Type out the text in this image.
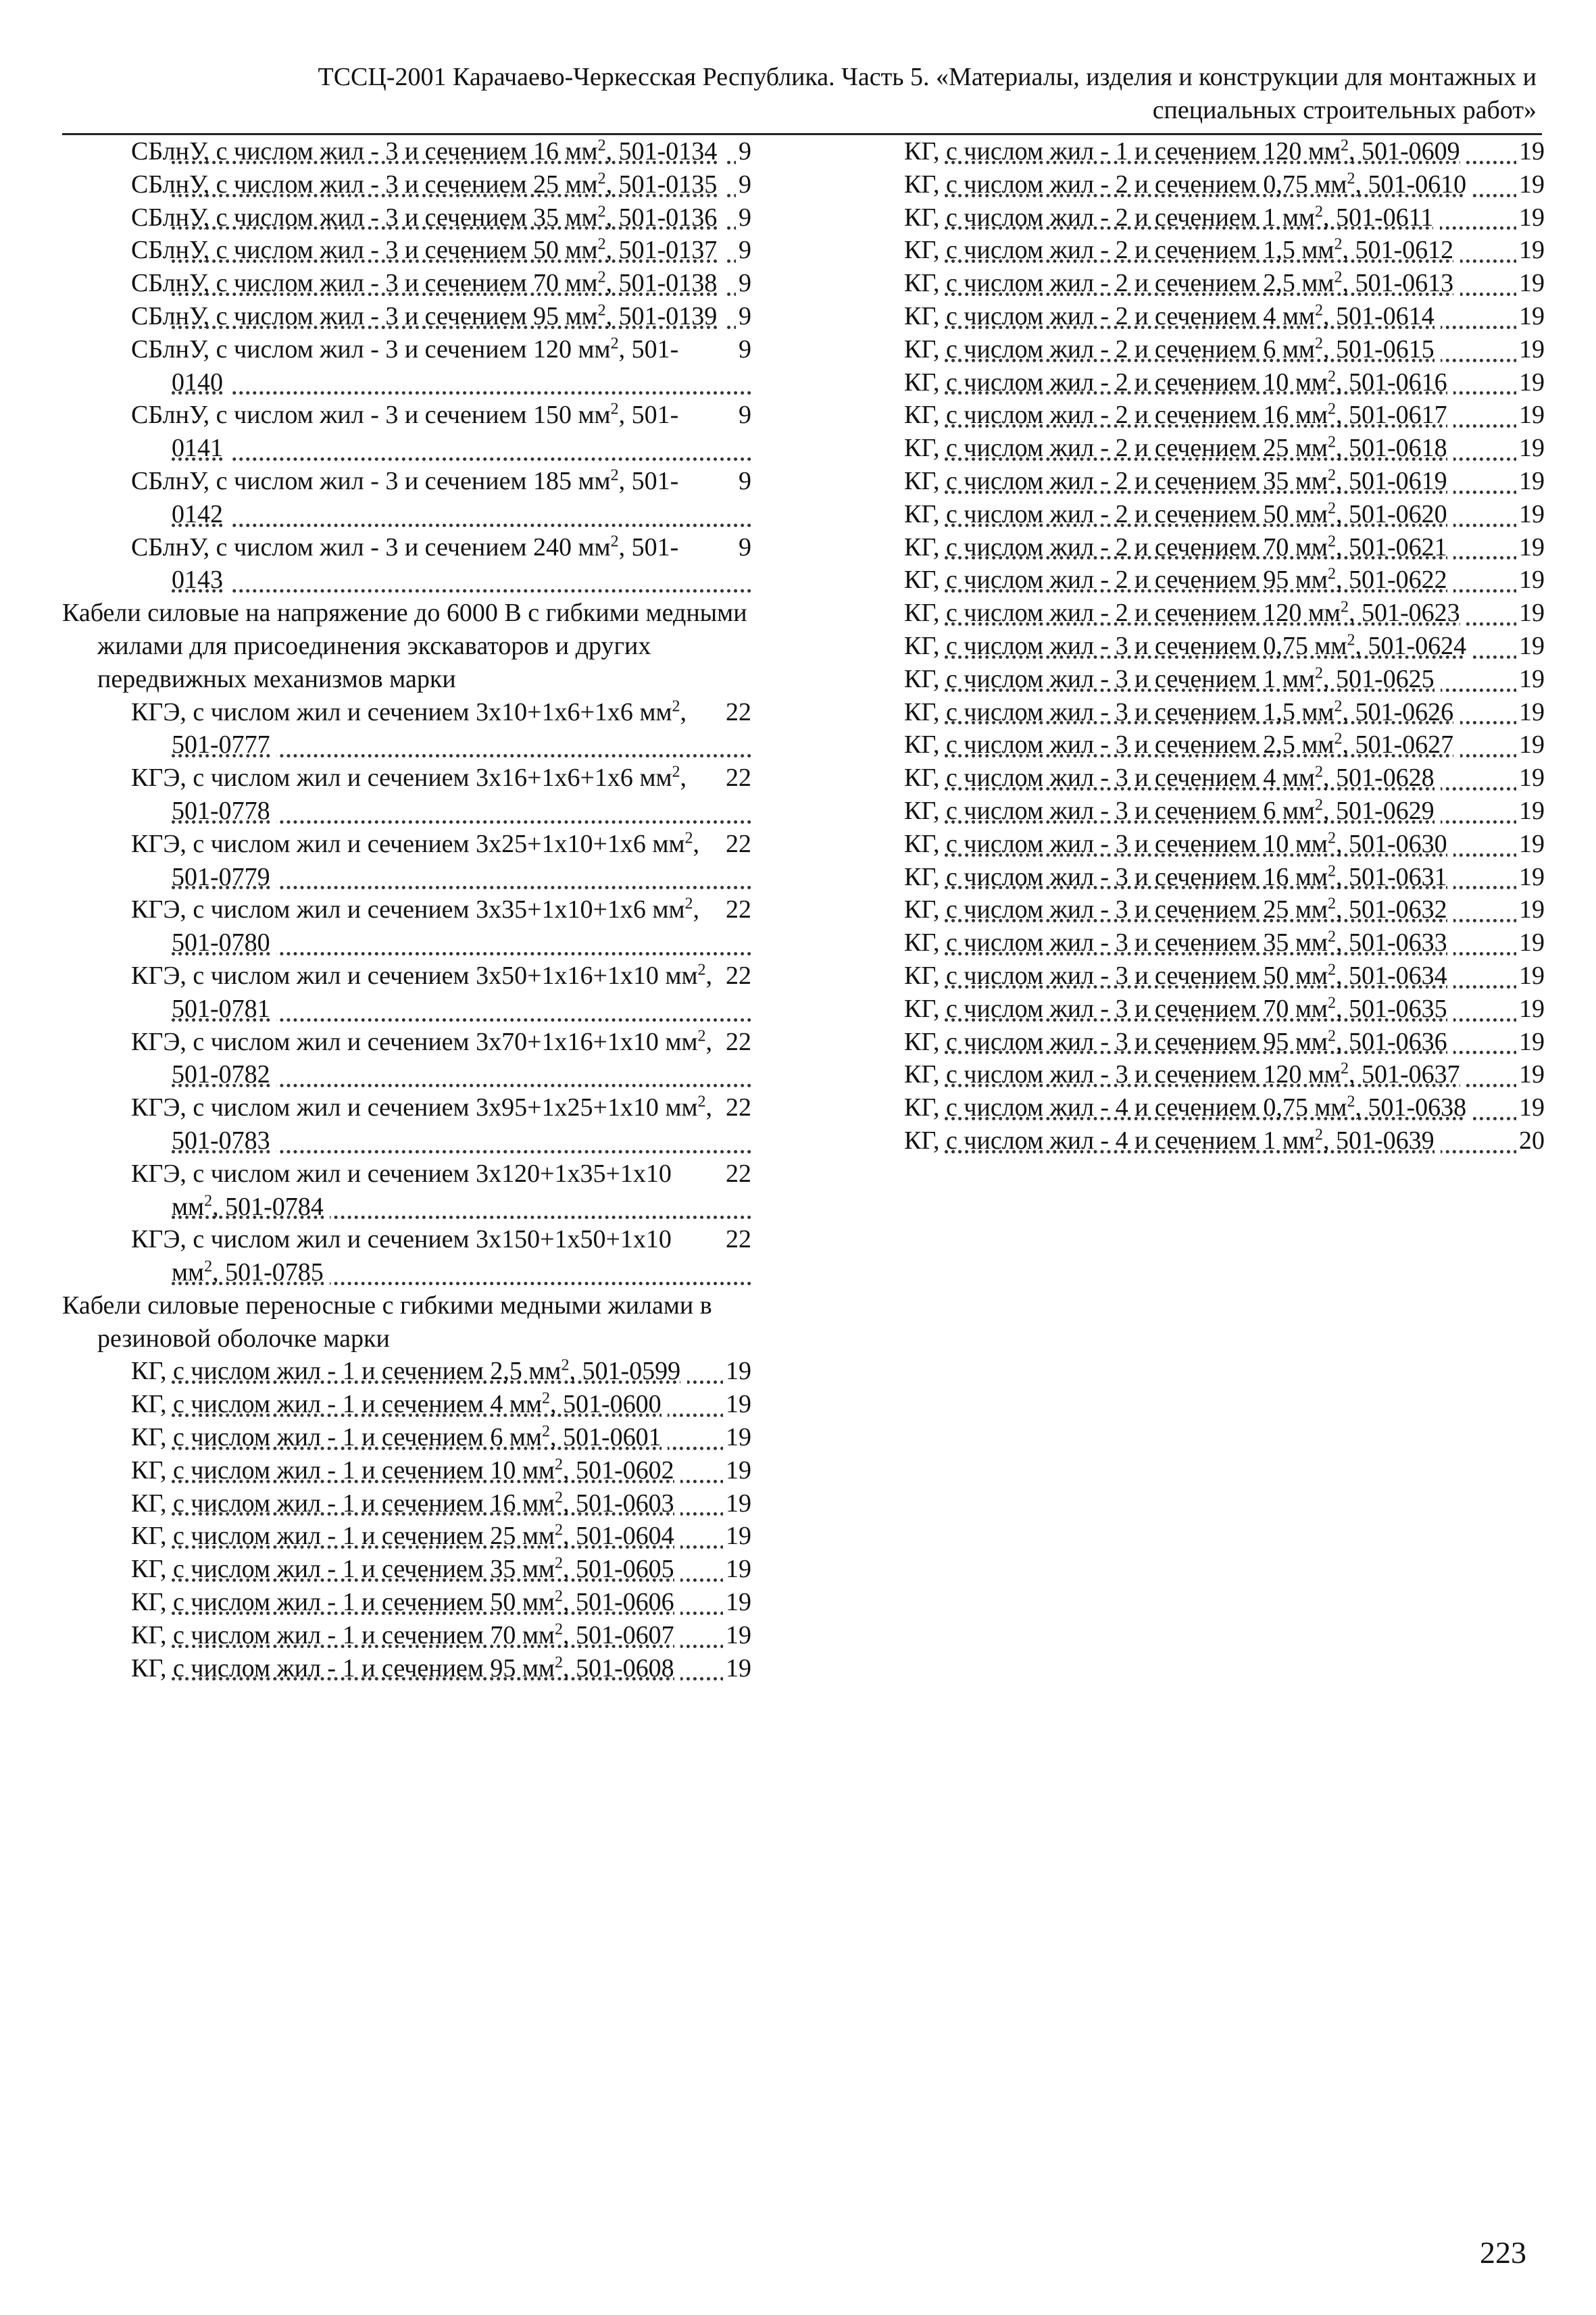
ТССЦ-2001 Карачаево-Черкесская Республика. Часть 5. «Материалы, изделия и конструкции для монтажных и
специальных строительных работ»
9
СБлнУ, с числом жил - 3 и сечением 16 $мм^2$, 501-0134
9
СБлнУ, с числом жил - 3 и сечением 25 $мм^2$, 501-0135
9
СБлнУ, с числом жил - 3 и сечением 35 $мм^2$, 501-0136
9
СБлнУ, с числом жил - 3 и сечением 50 $мм^2$, 501-0137
9
СБлнУ, с числом жил - 3 и сечением 70 $мм^2$, 501-0138
9
СБлнУ, с числом жил - 3 и сечением 95 $мм^2$, 501-0139
9
СБлнУ, с числом жил - 3 и сечением 120 $мм^2$, 501-0140
9
СБлнУ, с числом жил - 3 и сечением 150 $мм^2$, 501-0141
9
СБлнУ, с числом жил - 3 и сечением 185 $мм^2$, 501-0142
9
СБлнУ, с числом жил - 3 и сечением 240 $мм^2$, 501-0143
Кабели силовые на напряжение до 6000 В с гибкими медными жилами для присоединения экскаваторов и других передвижных механизмов марки
22
КГЭ, с числом жил и сечением 3х10+1х6+1х6 $мм^2$, 501-0777
22
КГЭ, с числом жил и сечением 3х16+1х6+1х6 $мм^2$, 501-0778
22
КГЭ, с числом жил и сечением 3х25+1х10+1х6 $мм^2$, 501-0779
22
КГЭ, с числом жил и сечением 3х35+1х10+1х6 $мм^2$, 501-0780
22
КГЭ, с числом жил и сечением 3х50+1х16+1х10 $мм^2$, 501-0781
22
КГЭ, с числом жил и сечением 3х70+1х16+1х10 $мм^2$, 501-0782
22
КГЭ, с числом жил и сечением 3х95+1х25+1х10 $мм^2$, 501-0783
22
КГЭ, с числом жил и сечением 3х120+1х35+1х10 $мм^2$, 501-0784
22
КГЭ, с числом жил и сечением 3х150+1х50+1х10 $мм^2$, 501-0785
Кабели силовые переносные с гибкими медными жилами в резиновой оболочке марки
19
КГ, с числом жил - 1 и сечением 2,5 $мм^2$, 501-0599
19
КГ, с числом жил - 1 и сечением 4 $мм^2$, 501-0600
19
КГ, с числом жил - 1 и сечением 6 $мм^2$, 501-0601
19
КГ, с числом жил - 1 и сечением 10 $мм^2$, 501-0602
19
КГ, с числом жил - 1 и сечением 16 $мм^2$, 501-0603
19
КГ, с числом жил - 1 и сечением 25 $мм^2$, 501-0604
19
КГ, с числом жил - 1 и сечением 35 $мм^2$, 501-0605
19
КГ, с числом жил - 1 и сечением 50 $мм^2$, 501-0606
19
КГ, с числом жил - 1 и сечением 70 $мм^2$, 501-0607
19
КГ, с числом жил - 1 и сечением 95 $мм^2$, 501-0608
19
КГ, с числом жил - 1 и сечением 120 $мм^2$, 501-0609
19
КГ, с числом жил - 2 и сечением 0,75 $мм^2$, 501-0610
19
КГ, с числом жил - 2 и сечением 1 $мм^2$, 501-0611
19
КГ, с числом жил - 2 и сечением 1,5 $мм^2$, 501-0612
19
КГ, с числом жил - 2 и сечением 2,5 $мм^2$, 501-0613
19
КГ, с числом жил - 2 и сечением 4 $мм^2$, 501-0614
19
КГ, с числом жил - 2 и сечением 6 $мм^2$, 501-0615
19
КГ, с числом жил - 2 и сечением 10 $мм^2$, 501-0616
19
КГ, с числом жил - 2 и сечением 16 $мм^2$, 501-0617
19
КГ, с числом жил - 2 и сечением 25 $мм^2$, 501-0618
19
КГ, с числом жил - 2 и сечением 35 $мм^2$, 501-0619
19
КГ, с числом жил - 2 и сечением 50 $мм^2$, 501-0620
19
КГ, с числом жил - 2 и сечением 70 $мм^2$, 501-0621
19
КГ, с числом жил - 2 и сечением 95 $мм^2$, 501-0622
19
КГ, с числом жил - 2 и сечением 120 $мм^2$, 501-0623
19
КГ, с числом жил - 3 и сечением 0,75 $мм^2$, 501-0624
19
КГ, с числом жил - 3 и сечением 1 $мм^2$, 501-0625
19
КГ, с числом жил - 3 и сечением 1,5 $мм^2$, 501-0626
19
КГ, с числом жил - 3 и сечением 2,5 $мм^2$, 501-0627
19
КГ, с числом жил - 3 и сечением 4 $мм^2$, 501-0628
19
КГ, с числом жил - 3 и сечением 6 $мм^2$, 501-0629
19
КГ, с числом жил - 3 и сечением 10 $мм^2$, 501-0630
19
КГ, с числом жил - 3 и сечением 16 $мм^2$, 501-0631
19
КГ, с числом жил - 3 и сечением 25 $мм^2$, 501-0632
19
КГ, с числом жил - 3 и сечением 35 $мм^2$, 501-0633
19
КГ, с числом жил - 3 и сечением 50 $мм^2$, 501-0634
19
КГ, с числом жил - 3 и сечением 70 $мм^2$, 501-0635
19
КГ, с числом жил - 3 и сечением 95 $мм^2$, 501-0636
19
КГ, с числом жил - 3 и сечением 120 $мм^2$, 501-0637
19
КГ, с числом жил - 4 и сечением 0,75 $мм^2$, 501-0638
20
КГ, с числом жил - 4 и сечением 1 $мм^2$, 501-0639
223
